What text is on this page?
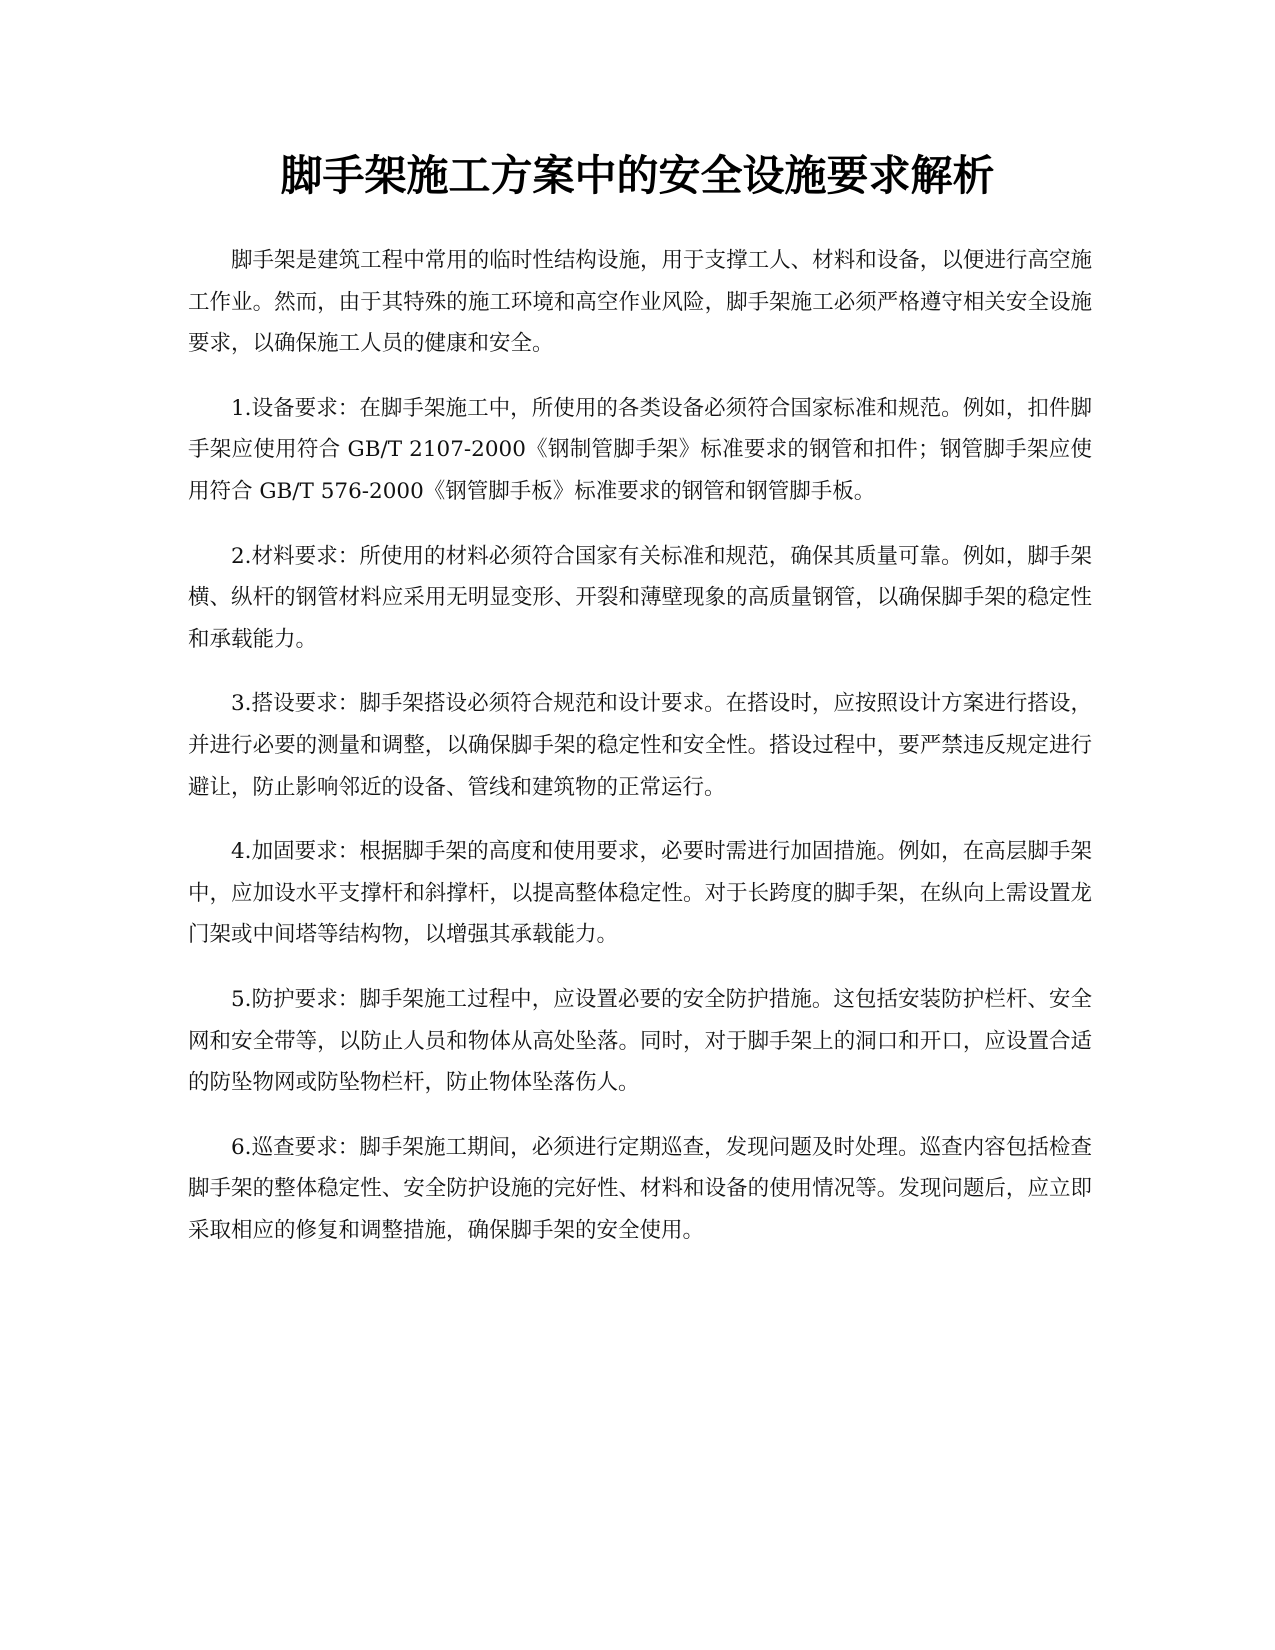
脚手架施工方案中的安全设施要求解析

脚手架是建筑工程中常用的临时性结构设施，用于支撑工人、材料和设备，以便进行高空施工作业。然而，由于其特殊的施工环境和高空作业风险，脚手架施工必须严格遵守相关安全设施要求，以确保施工人员的健康和安全。

1.设备要求：在脚手架施工中，所使用的各类设备必须符合国家标准和规范。例如，扣件脚手架应使用符合 GB/T 2107-2000《钢制管脚手架》标准要求的钢管和扣件；钢管脚手架应使用符合 GB/T 576-2000《钢管脚手板》标准要求的钢管和钢管脚手板。

2.材料要求：所使用的材料必须符合国家有关标准和规范，确保其质量可靠。例如，脚手架横、纵杆的钢管材料应采用无明显变形、开裂和薄壁现象的高质量钢管，以确保脚手架的稳定性和承载能力。

3.搭设要求：脚手架搭设必须符合规范和设计要求。在搭设时，应按照设计方案进行搭设，并进行必要的测量和调整，以确保脚手架的稳定性和安全性。搭设过程中，要严禁违反规定进行避让，防止影响邻近的设备、管线和建筑物的正常运行。

4.加固要求：根据脚手架的高度和使用要求，必要时需进行加固措施。例如，在高层脚手架中，应加设水平支撑杆和斜撑杆，以提高整体稳定性。对于长跨度的脚手架，在纵向上需设置龙门架或中间塔等结构物，以增强其承载能力。

5.防护要求：脚手架施工过程中，应设置必要的安全防护措施。这包括安装防护栏杆、安全网和安全带等，以防止人员和物体从高处坠落。同时，对于脚手架上的洞口和开口，应设置合适的防坠物网或防坠物栏杆，防止物体坠落伤人。

6.巡查要求：脚手架施工期间，必须进行定期巡查，发现问题及时处理。巡查内容包括检查脚手架的整体稳定性、安全防护设施的完好性、材料和设备的使用情况等。发现问题后，应立即采取相应的修复和调整措施，确保脚手架的安全使用。
